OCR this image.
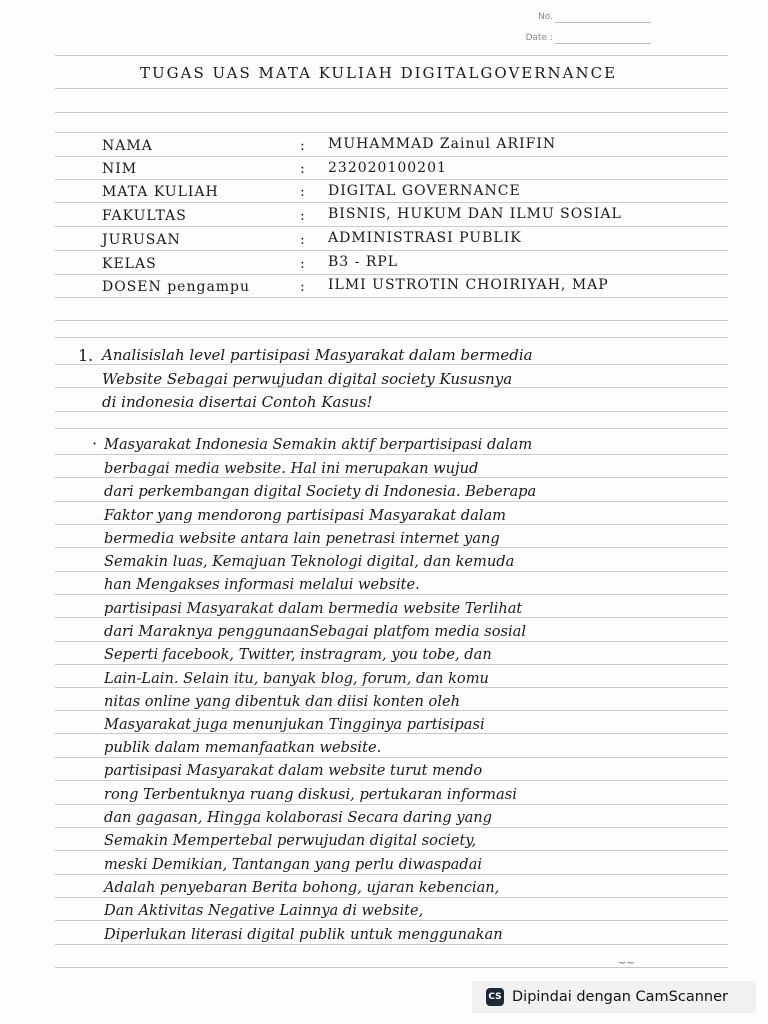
No.
Date :
TUGAS UAS MATA KULIAH DIGITALGOVERNANCE
NAMA	: MUHAMMAD Zainul ARIFIN
NIM	: 232020100201
MATA KULIAH	: DIGITAL GOVERNANCE
FAKULTAS	: BISNIS, HUKUM DAN ILMU SOSIAL
JURUSAN	: ADMINISTRASI PUBLIK
KELAS	: B3 - RPL
DOSEN pengampu	: ILMI USTROTIN CHOIRIYAH, MAP
1. Analisislah level partisipasi Masyarakat dalam bermedia
Website Sebagai perwujudan digital society Kususnya
di indonesia disertai Contoh Kasus!
· Masyarakat Indonesia Semakin aktif berpartisipasi dalam
berbagai media website. Hal ini merupakan wujud
dari perkembangan digital Society di Indonesia. Beberapa
Faktor yang mendorong partisipasi Masyarakat dalam
bermedia website antara lain penetrasi internet yang
Semakin luas, Kemajuan Teknologi digital, dan kemuda
han Mengakses informasi melalui website.
partisipasi Masyarakat dalam bermedia website Terlihat
dari Maraknya penggunaanSebagai platfom media sosial
Seperti facebook, Twitter, instragram, you tobe, dan
Lain-Lain. Selain itu, banyak blog, forum, dan komu
nitas online yang dibentuk dan diisi konten oleh
Masyarakat juga menunjukan Tingginya partisipasi
publik dalam memanfaatkan website.
partisipasi Masyarakat dalam website turut mendo
rong Terbentuknya ruang diskusi, pertukaran informasi
dan gagasan, Hingga kolaborasi Secara daring yang
Semakin Mempertebal perwujudan digital society,
meski Demikian, Tantangan yang perlu diwaspadai
Adalah penyebaran Berita bohong, ujaran kebencian,
Dan Aktivitas Negative Lainnya di website,
Diperlukan literasi digital publik untuk menggunakan
~~
CS Dipindai dengan CamScanner
